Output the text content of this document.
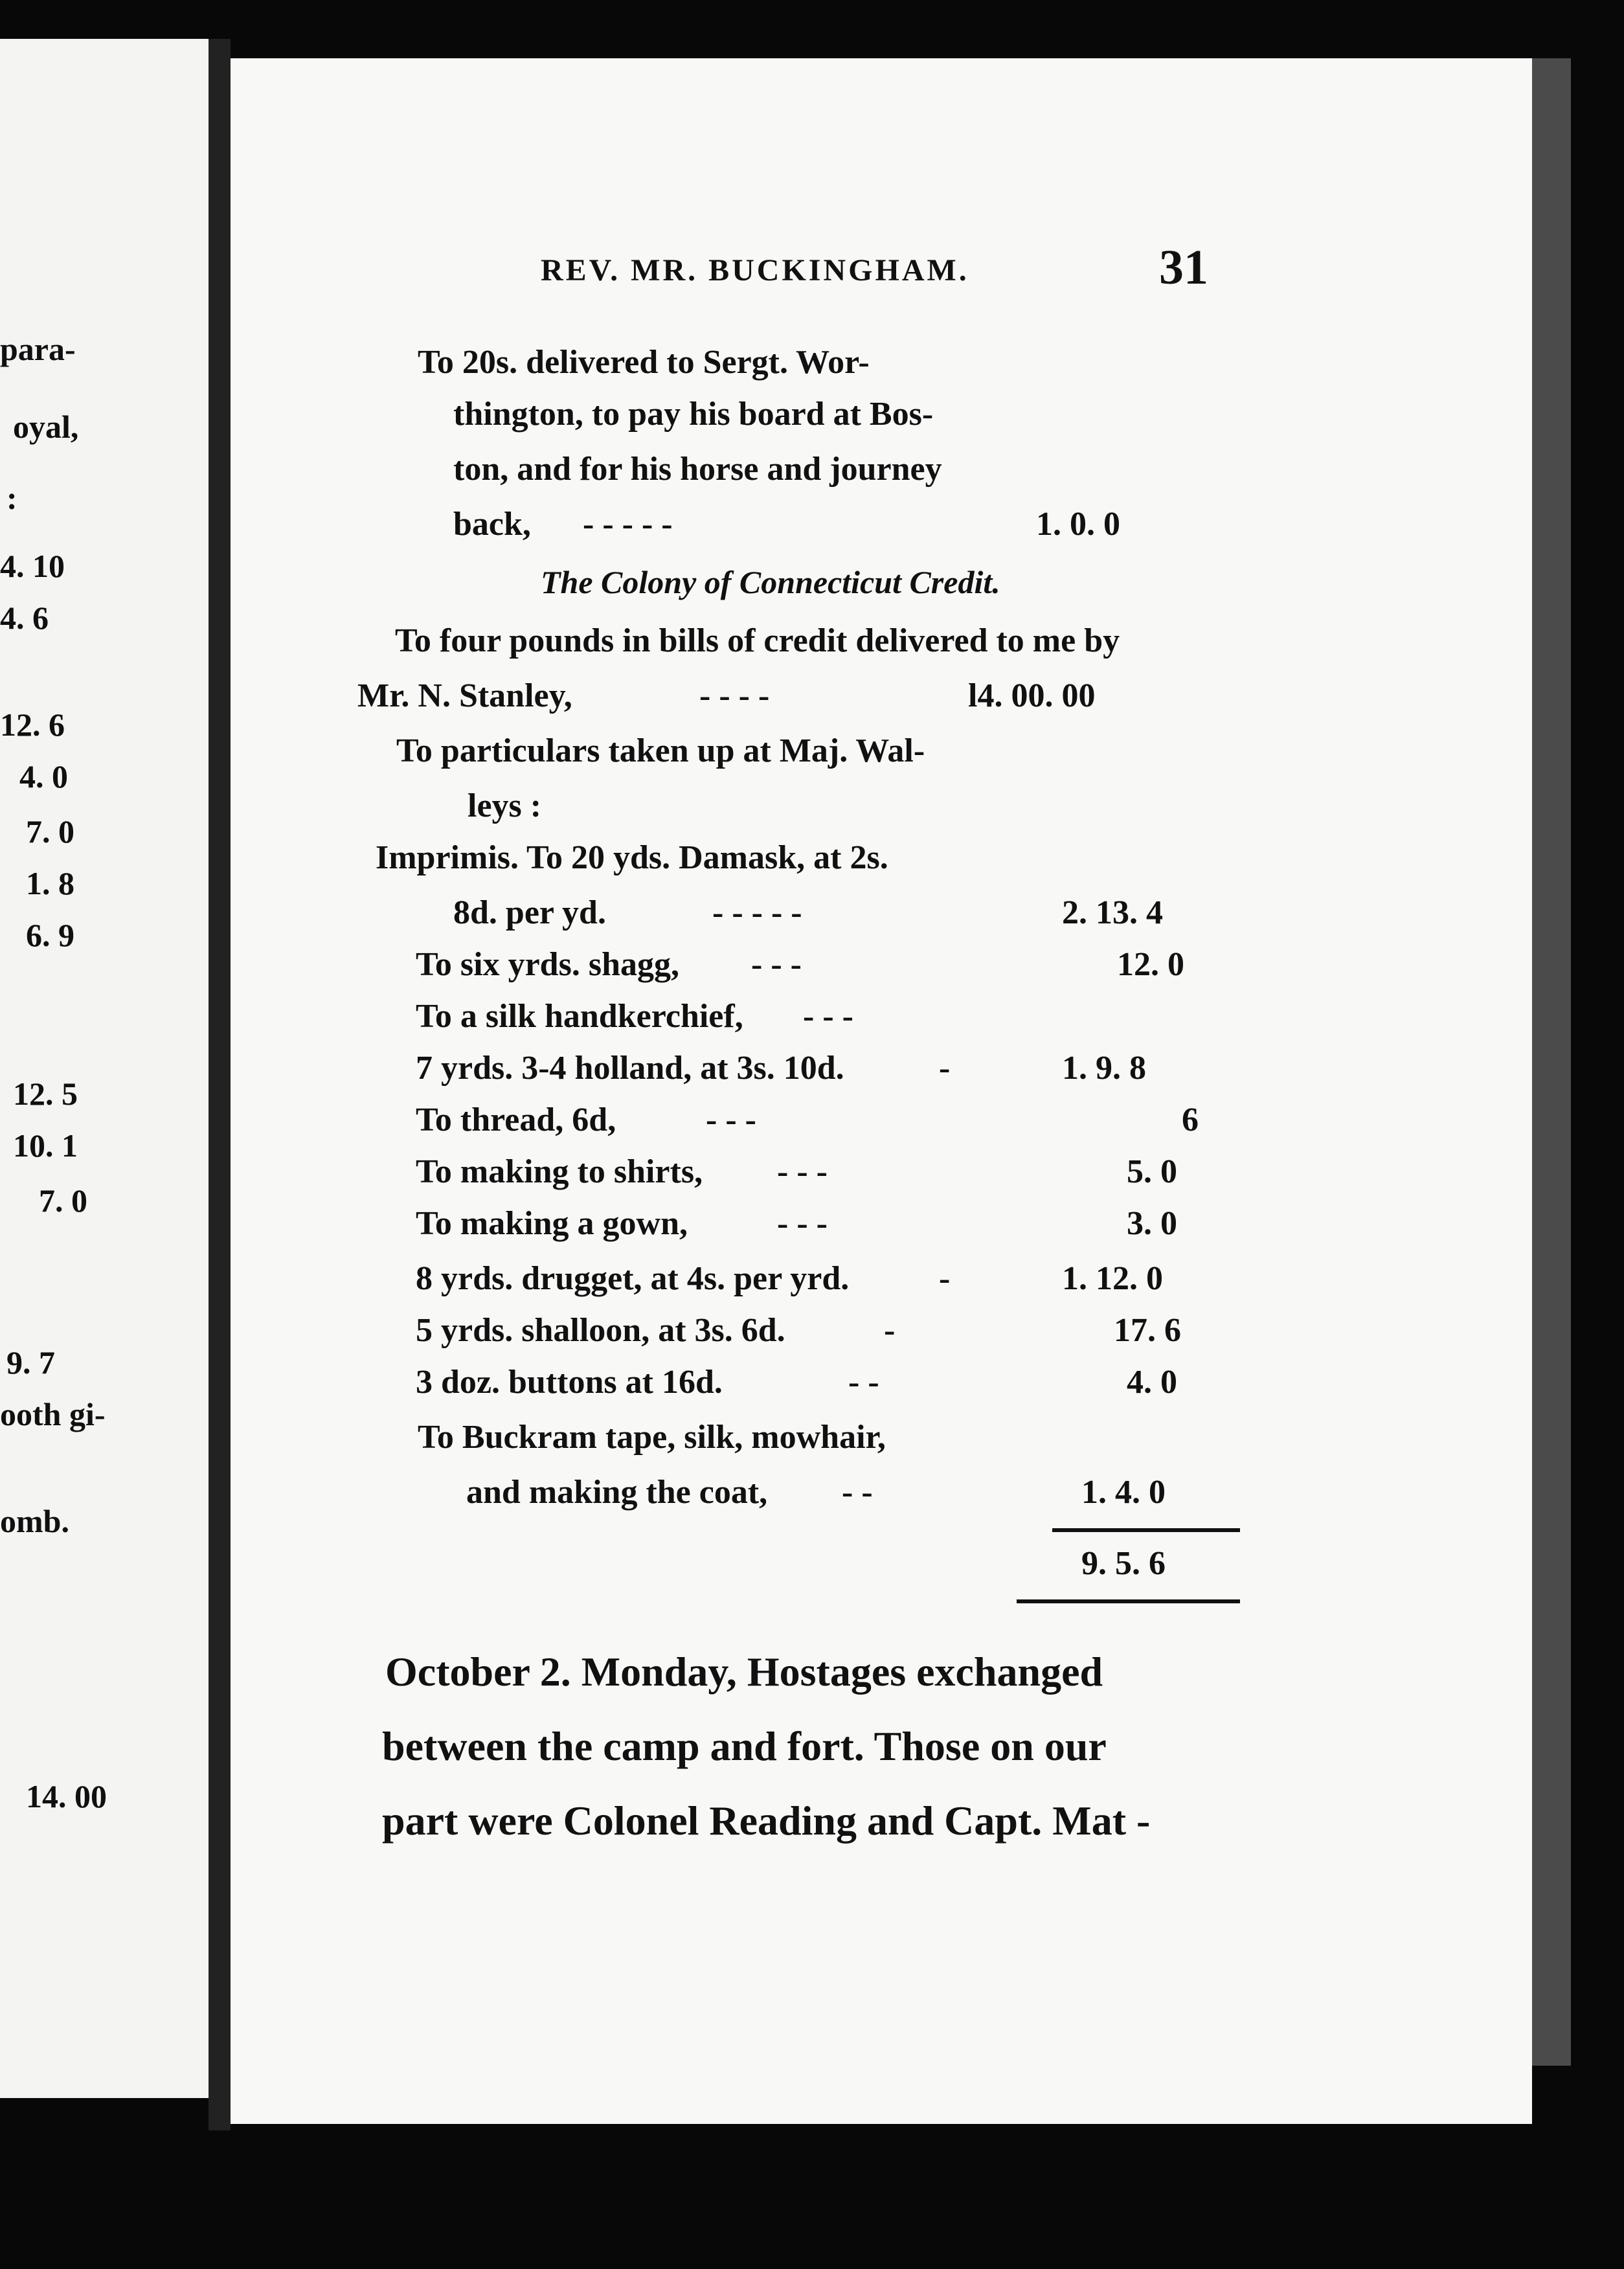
para-
oyal,
:
4. 10
4. 6
12. 6
4. 0
7. 0
1. 8
6. 9
12. 5
10. 1
7. 0
9. 7
ooth gi-
omb.
14. 00
REV. MR. BUCKINGHAM.	31
To 20s. delivered to Sergt. Wor-
thington, to pay his board at Bos-
ton, and for his horse and journey
back, - - - - -	1. 0. 0
The Colony of Connecticut Credit.
To four pounds in bills of credit delivered to me by
Mr. N. Stanley,	- - - -	l4. 00. 00
To particulars taken up at Maj. Wal-
leys :
Imprimis. To 20 yds. Damask, at 2s.
8d. per yd.	- - - - -	2. 13. 4
To six yrds. shagg, - - -	12. 0
To a silk handkerchief, - - -
7 yrds. 3-4 holland, at 3s. 10d.	-	1. 9. 8
To thread, 6d,	- - -	6
To making to shirts, - - -	5. 0
To making a gown,	- - -	3. 0
8 yrds. drugget, at 4s. per yrd.	-	1. 12. 0
5 yrds. shalloon, at 3s. 6d.	-	17. 6
3 doz. buttons at 16d.	- -	4. 0
To Buckram tape, silk, mowhair,
and making the coat, - -	1. 4. 0
9. 5. 6
October 2. Monday, Hostages exchanged
between the camp and fort. Those on our
part were Colonel Reading and Capt. Mat -
